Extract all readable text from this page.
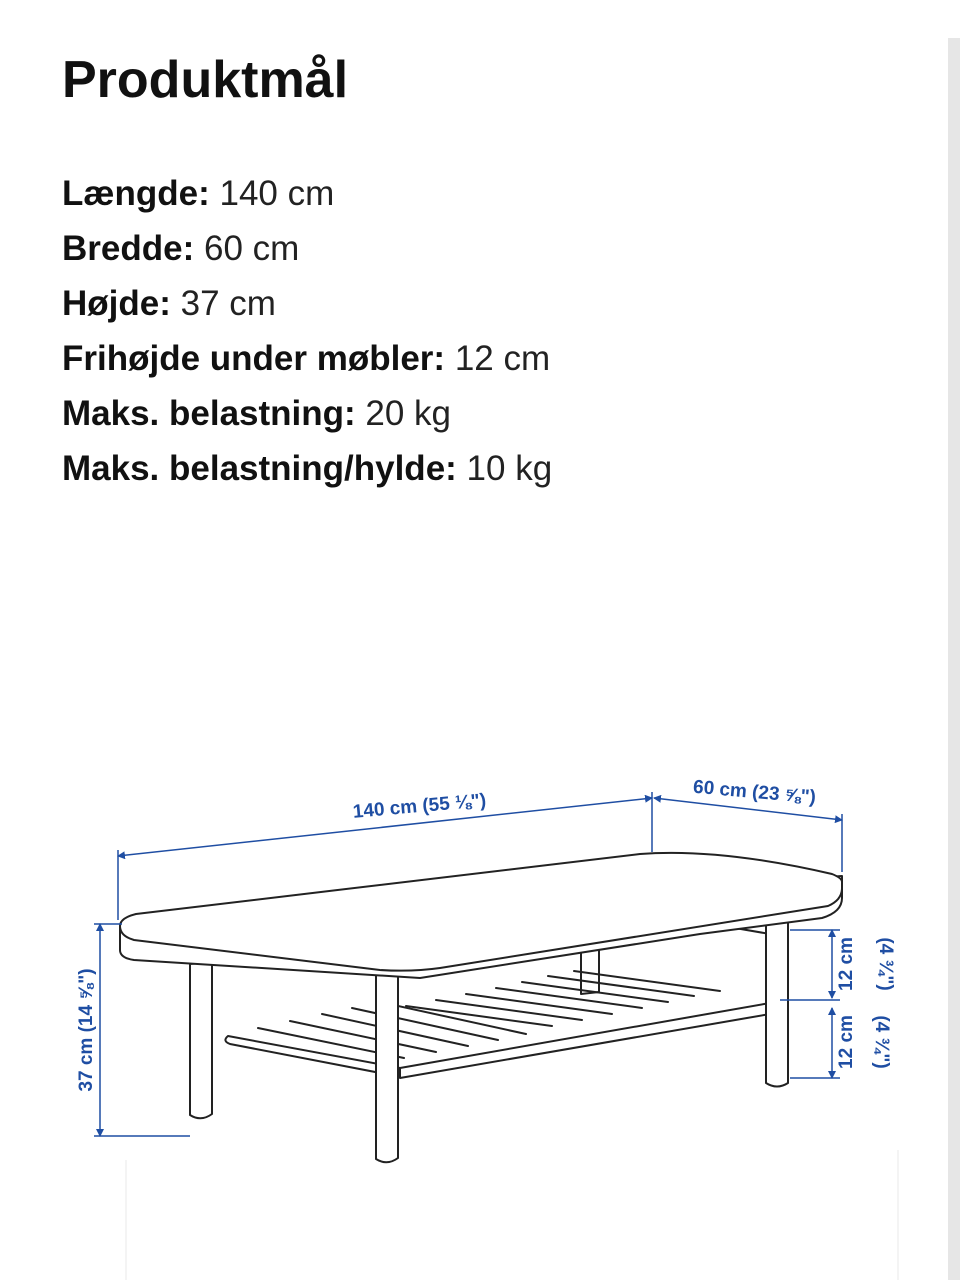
Produktmål
Længde: 140 cm
Bredde: 60 cm
Højde: 37 cm
Frihøjde under møbler: 12 cm
Maks. belastning: 20 kg
Maks. belastning/hylde: 10 kg
140 cm (55 ⅛")	60 cm (23 ⅝")
37 cm (14 ⅝")
12 cm (4 ¾")
12 cm (4 ¾")
